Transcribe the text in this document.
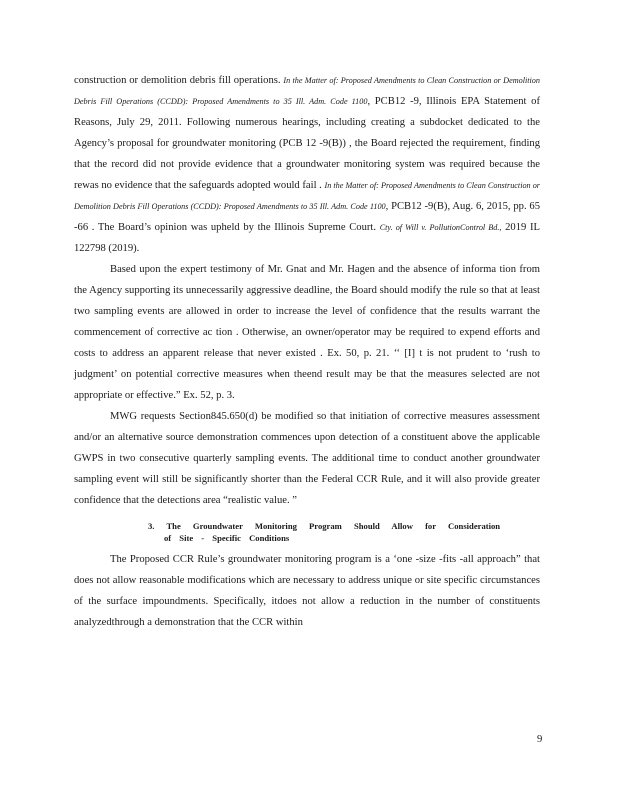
construction or demolition debris fill operations. In the Matter of: Proposed Amendments to Clean Construction or Demolition Debris Fill Operations (CCDD): Proposed Amendments to 35 Ill. Adm. Code 1100, PCB12 -9, Illinois EPA Statement of Reasons, July 29, 2011. Following numerous hearings, including creating a subdocket dedicated to the Agency’s proposal for groundwater monitoring (PCB 12 -9(B)) , the Board rejected the requirement, finding that the record did not provide evidence that a groundwater monitoring system was required because the rewas no evidence that the safeguards adopted would fail . In the Matter of: Proposed Amendments to Clean Construction or Demolition Debris Fill Operations (CCDD): Proposed Amendments to 35 Ill. Adm. Code 1100, PCB12 -9(B), Aug. 6, 2015, pp. 65 -66 . The Board’s opinion was upheld by the Illinois Supreme Court. Cty. of Will v. PollutionControl Bd., 2019 IL 122798 (2019).

Based upon the expert testimony of Mr. Gnat and Mr. Hagen and the absence of informa tion from the Agency supporting its unnecessarily aggressive deadline, the Board should modify the rule so that at least two sampling events are allowed in order to increase the level of confidence that the results warrant the commencement of corrective ac tion . Otherwise, an owner/operator may be required to expend efforts and costs to address an apparent release that never existed . Ex. 50, p. 21. ‘‘ [I] t is not prudent to ‘rush to judgment’ on potential corrective measures when theend result may be that the measures selected are not appropriate or effective.” Ex. 52, p. 3.

MWG requests Section845.650(d) be modified so that initiation of corrective measures assessment and/or an alternative source demonstration commences upon detection of a constituent above the applicable GWPS in two consecutive quarterly sampling events. The additional time to conduct another groundwater sampling event will still be significantly shorter than the Federal CCR Rule, and it will also provide greater confidence that the detections area “realistic value. ”

3. The Groundwater Monitoring Program Should Allow for Consideration
of Site - Specific Conditions

The Proposed CCR Rule’s groundwater monitoring program is a ‘one -size -fits -all approach” that does not allow reasonable modifications which are necessary to address unique or site specific circumstances of the surface impoundments. Specifically, itdoes not allow a reduction in the number of constituents analyzedthrough a demonstration that the CCR within

9
